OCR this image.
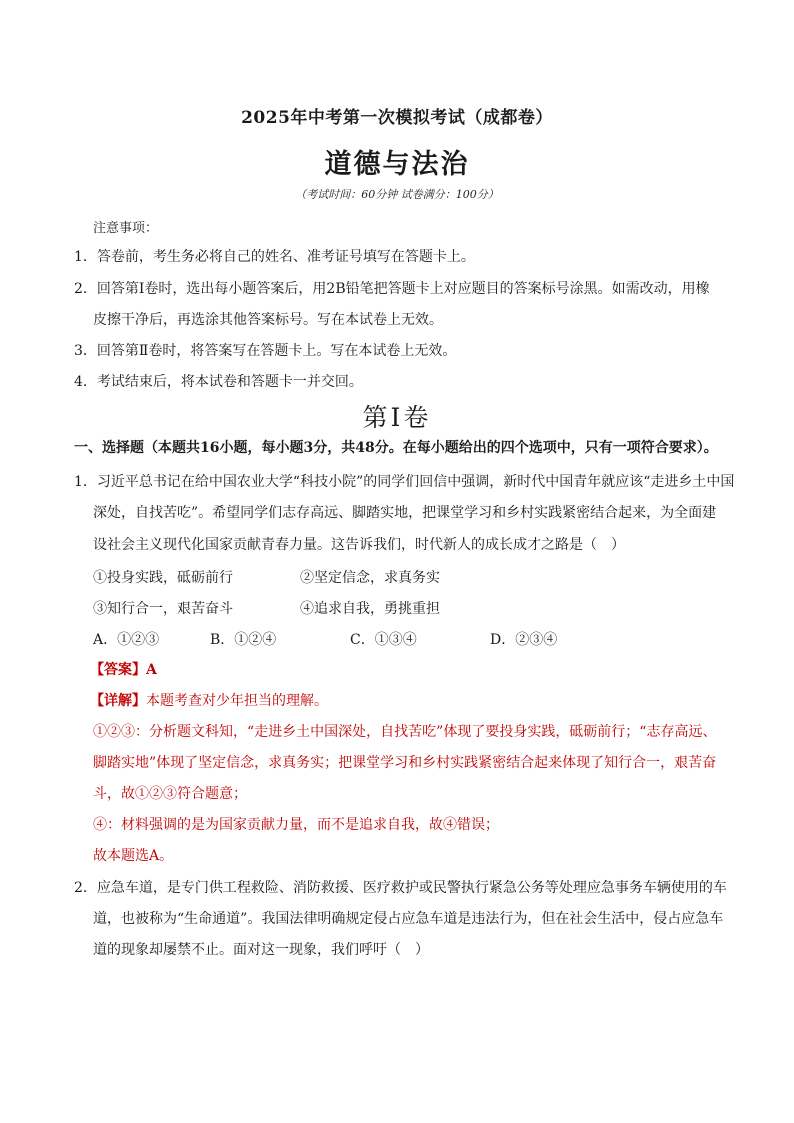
2025年中考第一次模拟考试（成都卷）
道德与法治
（考试时间：60分钟 试卷满分：100分）
注意事项：
1．答卷前，考生务必将自己的姓名、准考证号填写在答题卡上。
2．回答第Ⅰ卷时，选出每小题答案后，用2B铅笔把答题卡上对应题目的答案标号涂黑。如需改动，用橡
皮擦干净后，再选涂其他答案标号。写在本试卷上无效。
3．回答第Ⅱ卷时，将答案写在答题卡上。写在本试卷上无效。
4．考试结束后，将本试卷和答题卡一并交回。
第Ⅰ卷
一、选择题（本题共16小题，每小题3分，共48分。在每小题给出的四个选项中，只有一项符合要求）。
1．习近平总书记在给中国农业大学“科技小院”的同学们回信中强调，新时代中国青年就应该“走进乡土中国
深处，自找苦吃”。希望同学们志存高远、脚踏实地，把课堂学习和乡村实践紧密结合起来，为全面建
设社会主义现代化国家贡献青春力量。这告诉我们，时代新人的成长成才之路是（　）
①投身实践，砥砺前行	②坚定信念，求真务实
③知行合一，艰苦奋斗	④追求自我，勇挑重担
A．①②③	B．①②④	C．①③④	D．②③④
【答案】A
【详解】本题考查对少年担当的理解。
①②③：分析题文科知，“走进乡土中国深处，自找苦吃”体现了要投身实践，砥砺前行；“志存高远、
脚踏实地”体现了坚定信念，求真务实；把课堂学习和乡村实践紧密结合起来体现了知行合一，艰苦奋
斗，故①②③符合题意；
④：材料强调的是为国家贡献力量，而不是追求自我，故④错误；
故本题选A。
2．应急车道，是专门供工程救险、消防救援、医疗救护或民警执行紧急公务等处理应急事务车辆使用的车
道，也被称为“生命通道”。我国法律明确规定侵占应急车道是违法行为，但在社会生活中，侵占应急车
道的现象却屡禁不止。面对这一现象，我们呼吁（　）
